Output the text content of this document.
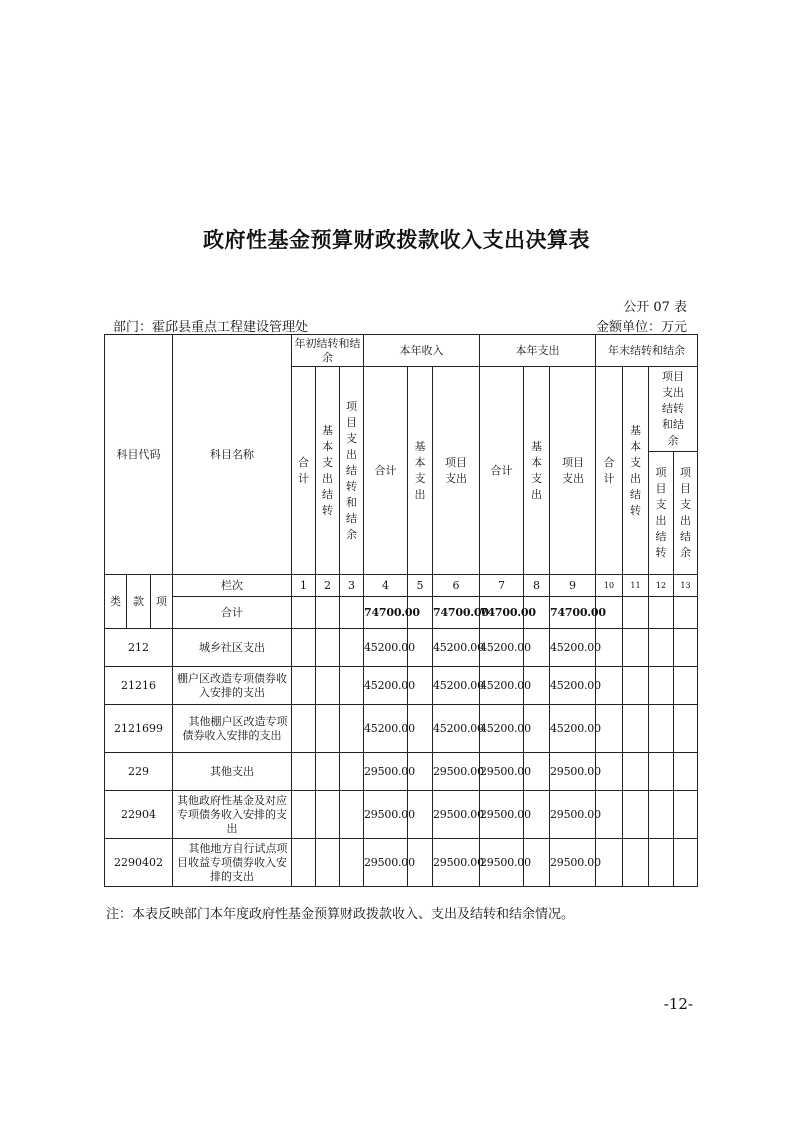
政府性基金预算财政拨款收入支出决算表
公开 07 表
部门：霍邱县重点工程建设管理处	金额单位：万元
科目代码			科目名称	年初结转和结余			本年收入			本年支出			年末结转和结余			
				合计	基本支出结转	项目支出结转和结余	合计	基本支出	项目支出	合计	基本支出	项目支出	合计	基本支出结转	项目支出结转和结余	
															项目支出结转	项目支出结余
类	款	项	栏次	1	2	3	4	5	6	7	8	9	10	11	12	13
			合计				74700.00		74700.00	74700.00		74700.00				
212			城乡社区支出				45200.00		45200.00	45200.00		45200.00				
21216			棚户区改造专项债券收入安排的支出				45200.00		45200.00	45200.00		45200.00				
2121699			其他棚户区改造专项债券收入安排的支出				45200.00		45200.00	45200.00		45200.00				
229			其他支出				29500.00		29500.00	29500.00		29500.00				
22904			其他政府性基金及对应专项债务收入安排的支出				29500.00		29500.00	29500.00		29500.00				
2290402			其他地方自行试点项目收益专项债券收入安排的支出				29500.00		29500.00	29500.00		29500.00				
注：本表反映部门本年度政府性基金预算财政拨款收入、支出及结转和结余情况。
-12-
